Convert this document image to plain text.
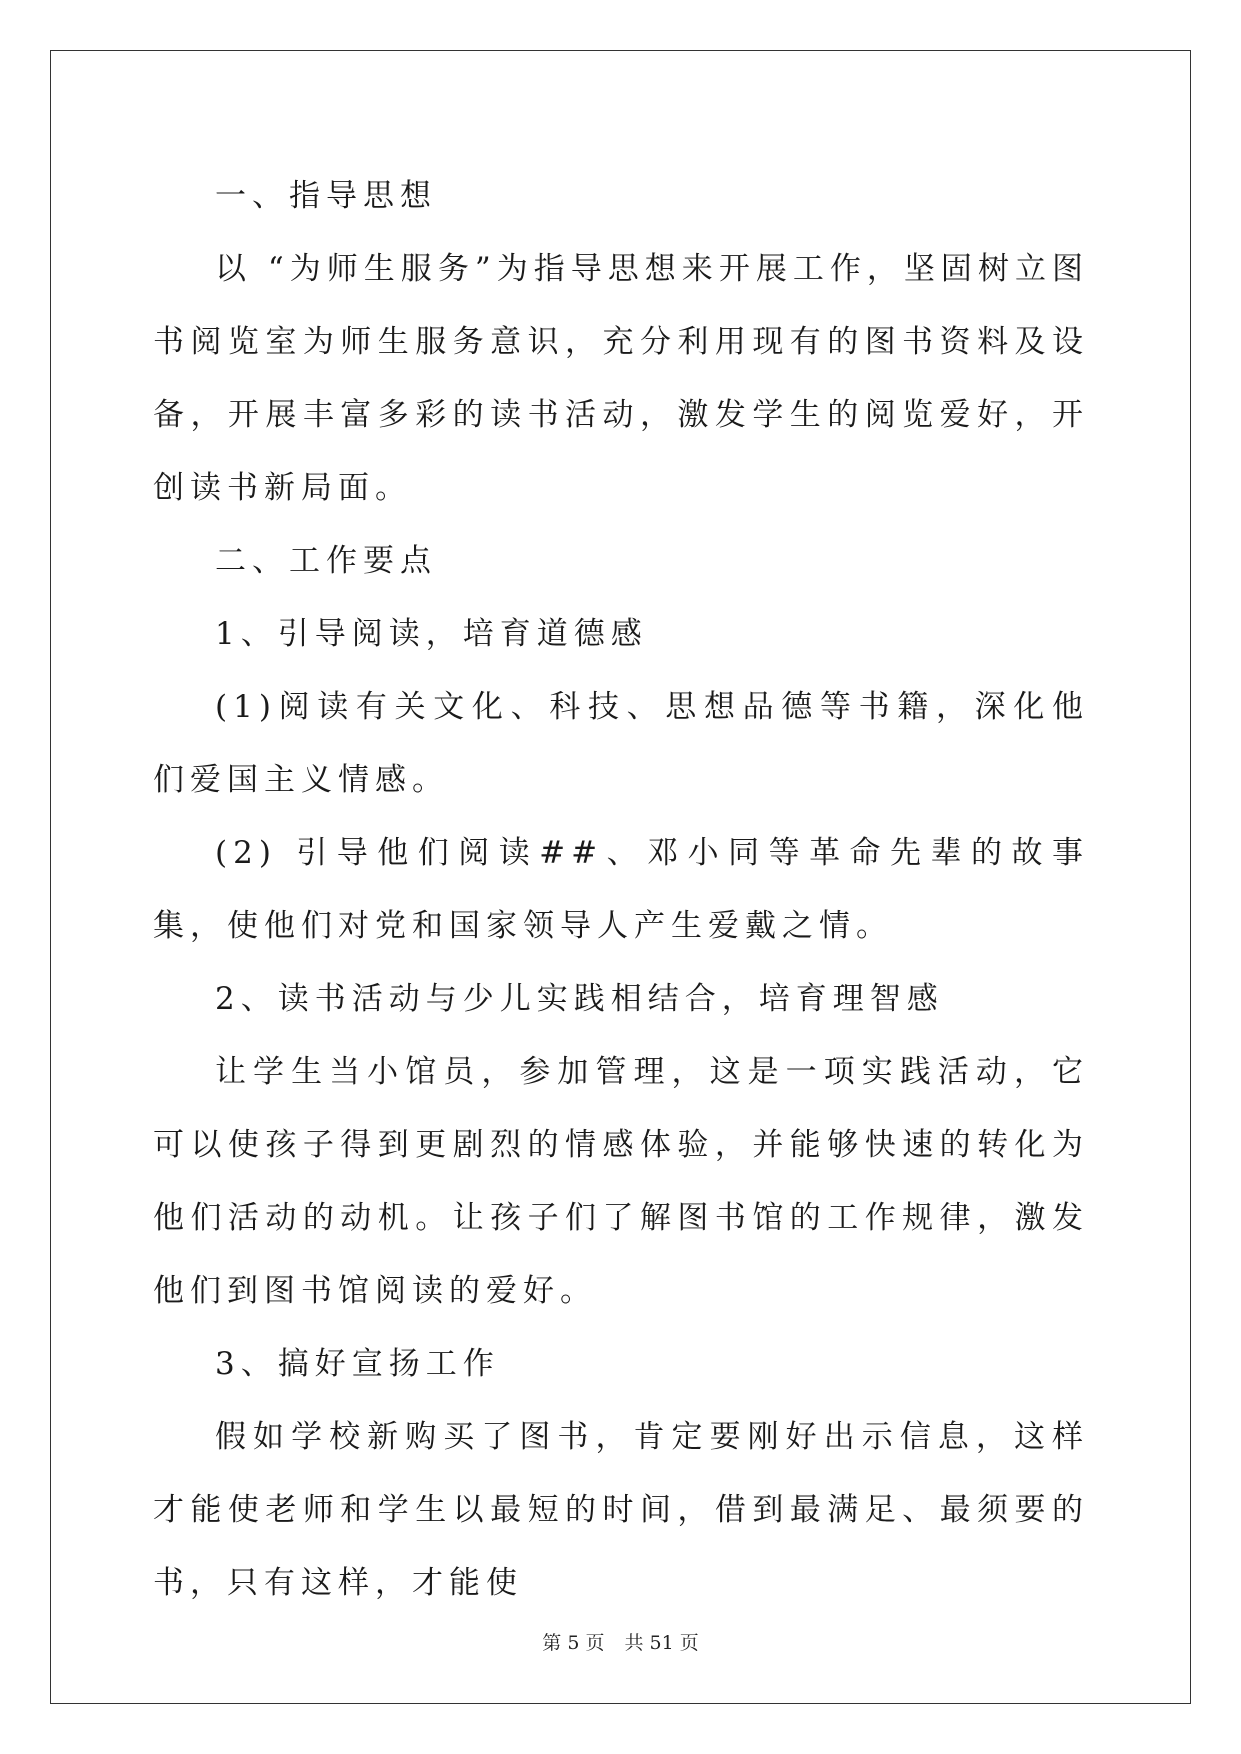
一、指导思想

以 “为师生服务”为指导思想来开展工作，坚固树立图书阅览室为师生服务意识，充分利用现有的图书资料及设备，开展丰富多彩的读书活动，激发学生的阅览爱好，开创读书新局面。

二、工作要点

1、引导阅读，培育道德感

(1)阅读有关文化、科技、思想品德等书籍，深化他们爱国主义情感。

(2) 引导他们阅读##、邓小同等革命先辈的故事集，使他们对党和国家领导人产生爱戴之情。

2、读书活动与少儿实践相结合，培育理智感

让学生当小馆员，参加管理，这是一项实践活动，它可以使孩子得到更剧烈的情感体验，并能够快速的转化为他们活动的动机。让孩子们了解图书馆的工作规律，激发他们到图书馆阅读的爱好。

3、搞好宣扬工作

假如学校新购买了图书，肯定要刚好出示信息，这样才能使老师和学生以最短的时间，借到最满足、最须要的书，只有这样，才能使

第 5 页 共 51 页
